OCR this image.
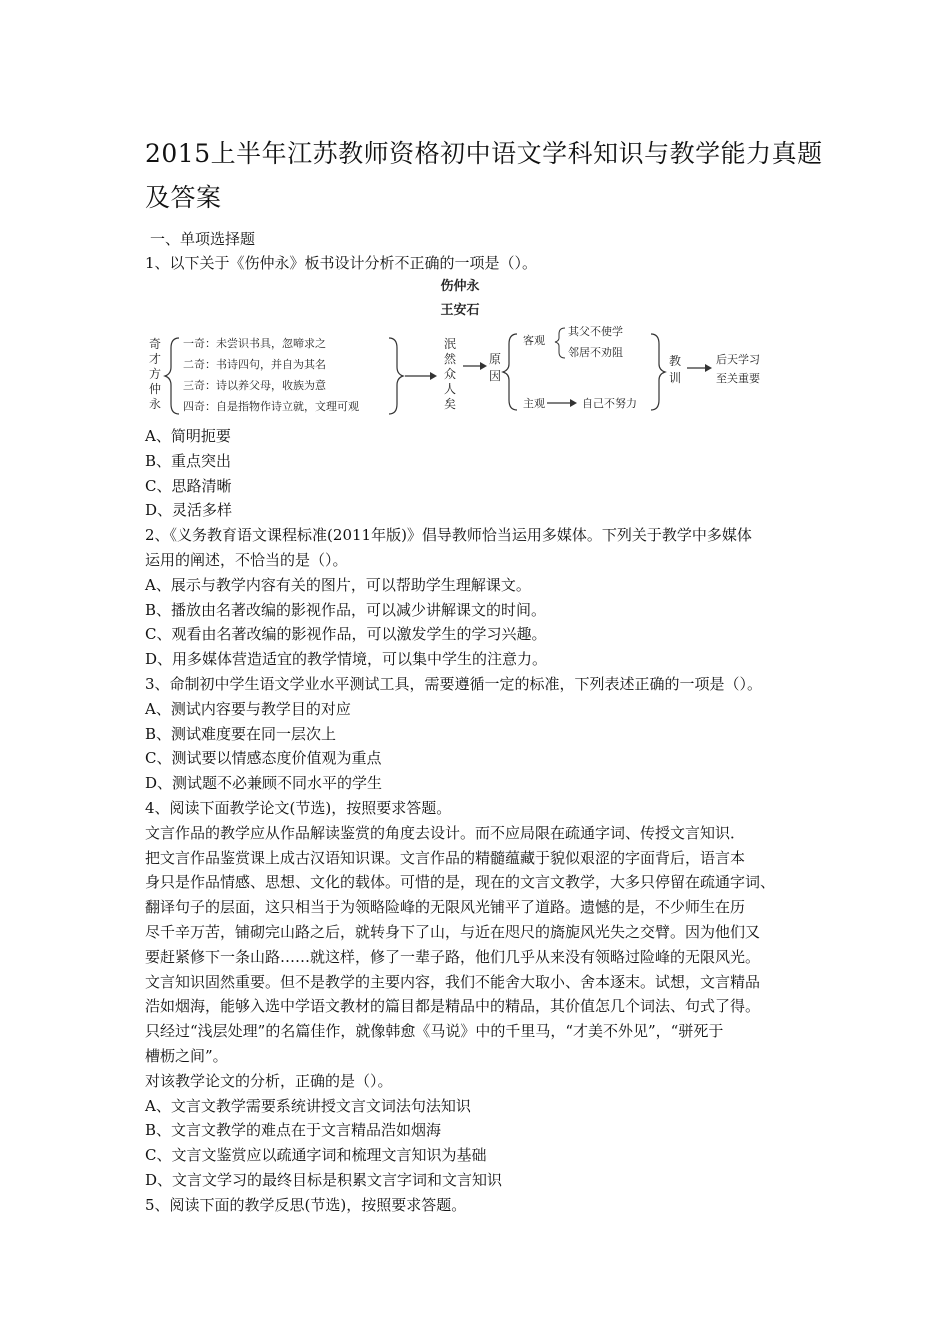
2015上半年江苏教师资格初中语文学科知识与教学能力真题及答案
一、单项选择题
1、以下关于《伤仲永》板书设计分析不正确的一项是（）。
伤仲永
王安石
奇
才
方
仲
永
一奇：未尝识书具，忽啼求之
二奇：书诗四句，并自为其名
三奇：诗以养父母，收族为意
四奇：自是指物作诗立就，文理可观
泯
然
众
人
矣
原
因
客观
其父不使学
邻居不劝阻
主观	自己不努力
教
训
后天学习
至关重要

A、简明扼要

B、重点突出

C、思路清晰

D、灵活多样

2、《义务教育语文课程标准(2011年版)》倡导教师恰当运用多媒体。下列关于教学中多媒体

运用的阐述，不恰当的是（）。

A、展示与教学内容有关的图片，可以帮助学生理解课文。

B、播放由名著改编的影视作品，可以减少讲解课文的时间。

C、观看由名著改编的影视作品，可以激发学生的学习兴趣。

D、用多媒体营造适宜的教学情境，可以集中学生的注意力。

3、命制初中学生语文学业水平测试工具，需要遵循一定的标准，下列表述正确的一项是（）。

A、测试内容要与教学目的对应

B、测试难度要在同一层次上

C、测试要以情感态度价值观为重点

D、测试题不必兼顾不同水平的学生

4、阅读下面教学论文(节选)，按照要求答题。

文言作品的教学应从作品解读鉴赏的角度去设计。而不应局限在疏通字词、传授文言知识．

把文言作品鉴赏课上成古汉语知识课。文言作品的精髓蕴藏于貌似艰涩的字面背后，语言本

身只是作品情感、思想、文化的载体。可惜的是，现在的文言文教学，大多只停留在疏通字词、

翻译句子的层面，这只相当于为领略险峰的无限风光铺平了道路。遗憾的是，不少师生在历

尽千辛万苦，铺砌完山路之后，就转身下了山，与近在咫尺的旖旎风光失之交臂。因为他们又

要赶紧修下一条山路……就这样，修了一辈子路，他们几乎从来没有领略过险峰的无限风光。

文言知识固然重要。但不是教学的主要内容，我们不能舍大取小、舍本逐末。试想，文言精品

浩如烟海，能够入选中学语文教材的篇目都是精品中的精品，其价值怎几个词法、句式了得。

只经过“浅层处理”的名篇佳作，就像韩愈《马说》中的千里马，“才美不外见”，“骈死于

槽枥之间”。

对该教学论文的分析，正确的是（）。

A、文言文教学需要系统讲授文言文词法句法知识

B、文言文教学的难点在于文言精品浩如烟海

C、文言文鉴赏应以疏通字词和梳理文言知识为基础

D、文言文学习的最终目标是积累文言字词和文言知识

5、阅读下面的教学反思(节选)，按照要求答题。
